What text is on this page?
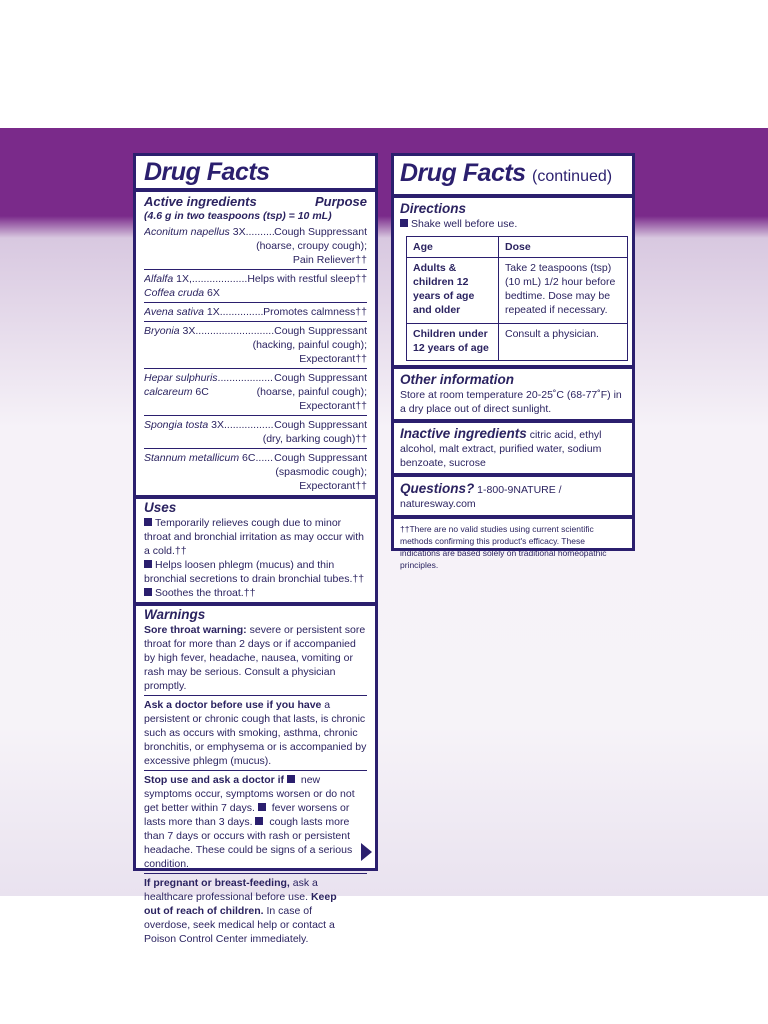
Drug Facts
Active ingredients	Purpose
(4.6 g in two teaspoons (tsp) = 10 mL)
Aconitum napellus 3X .....	Cough Suppressant
(hoarse, croupy cough);
Pain Reliever††
Alfalfa 1X, .....	Helps with restful sleep††
Coffea cruda 6X
Avena sativa 1X .....	Promotes calmness††
Bryonia 3X .....	Cough Suppressant
(hacking, painful cough);
Expectorant††
Hepar sulphuris .....	Cough Suppressant
calcareum 6C	(hoarse, painful cough);
Expectorant††
Spongia tosta 3X .....	Cough Suppressant
(dry, barking cough)††
Stannum metallicum 6C ..... Cough Suppressant
(spasmodic cough);
Expectorant††
Uses
Temporarily relieves cough due to minor throat and bronchial irritation as may occur with a cold.††
Helps loosen phlegm (mucus) and thin bronchial secretions to drain bronchial tubes.††
Soothes the throat.††
Warnings
Sore throat warning: severe or persistent sore throat for more than 2 days or if accompanied by high fever, headache, nausea, vomiting or rash may be serious. Consult a physician promptly.
Ask a doctor before use if you have a persistent or chronic cough that lasts, is chronic such as occurs with smoking, asthma, chronic bronchitis, or emphysema or is accompanied by excessive phlegm (mucus).
Stop use and ask a doctor if  new symptoms occur, symptoms worsen or do not get better within 7 days.  fever worsens or lasts more than 3 days.  cough lasts more than 7 days or occurs with rash or persistent headache. These could be signs of a serious condition.
If pregnant or breast-feeding, ask a healthcare professional before use. Keep out of reach of children. In case of overdose, seek medical help or contact a Poison Control Center immediately.
Drug Facts (continued)
Directions
Shake well before use.
Age	Dose
Adults & children 12 years of age and older	Take 2 teaspoons (tsp) (10 mL) 1/2 hour before bedtime. Dose may be repeated if necessary.
Children under 12 years of age	Consult a physician.
Other information
Store at room temperature 20-25˚C (68-77˚F) in a dry place out of direct sunlight.
Inactive ingredients citric acid, ethyl alcohol, malt extract, purified water, sodium benzoate, sucrose
Questions? 1-800-9NATURE / naturesway.com
††There are no valid studies using current scientific methods confirming this product's efficacy. These indications are based solely on traditional homeopathic principles.
